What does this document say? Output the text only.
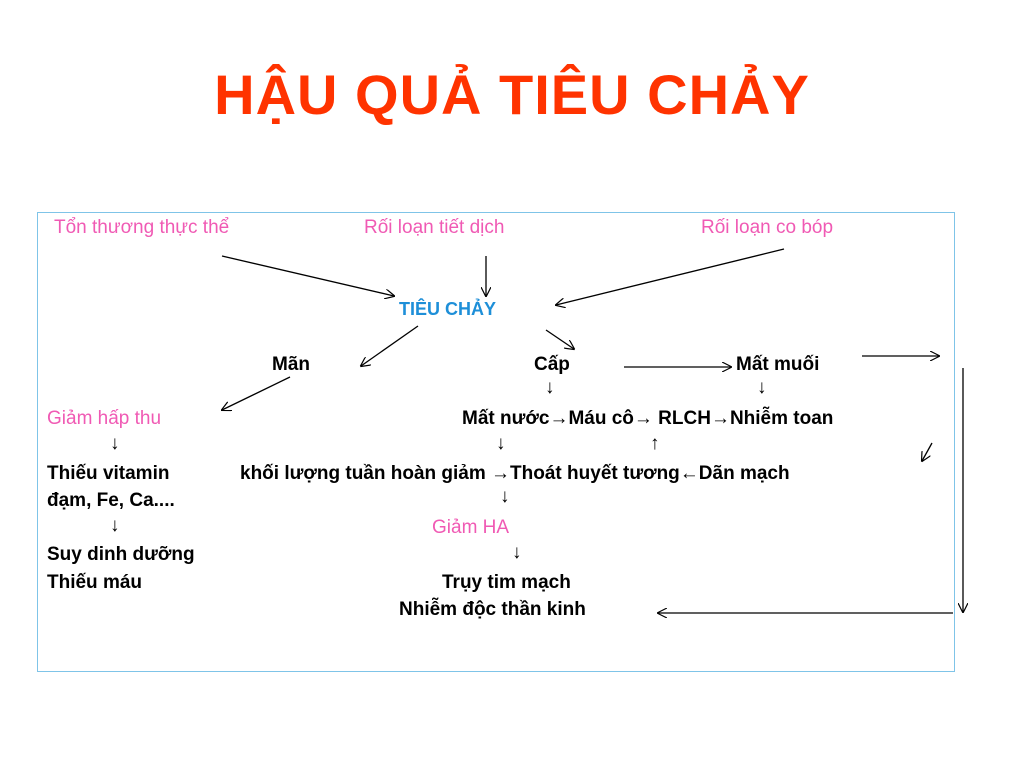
HẬU QUẢ TIÊU CHẢY
Tổn thương thực thể	Rối loạn tiết dịch	Rối loạn co bóp
TIÊU CHẢY
Mãn	Cấp	Mất muối
↓	↓
Giảm hấp thu	Mất nước→Máu cô→ RLCH→Nhiễm toan
↓	↓	↑
Thiếu vitamin	khối lượng tuần hoàn giảm →Thoát huyết tương←Dãn mạch
đạm, Fe, Ca....	↓
↓	Giảm HA
↓
Suy dinh dưỡng
Thiếu máu	Trụy tim mạch
Nhiễm độc thần kinh
